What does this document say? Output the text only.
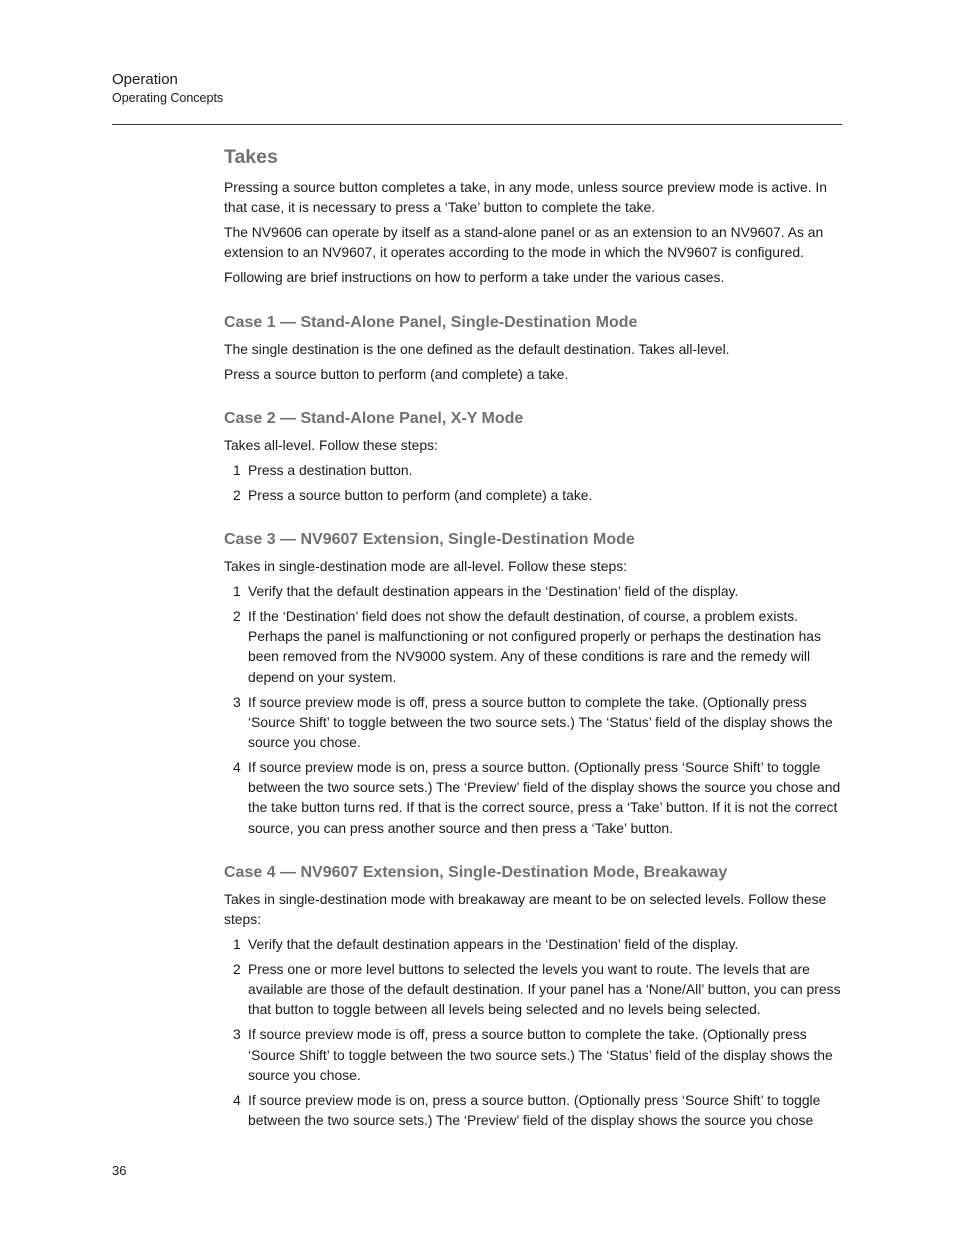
Operation
Operating Concepts
Takes

Pressing a source button completes a take, in any mode, unless source preview mode is active. In that case, it is necessary to press a ‘Take’ button to complete the take.

The NV9606 can operate by itself as a stand-alone panel or as an extension to an NV9607. As an extension to an NV9607, it operates according to the mode in which the NV9607 is configured.

Following are brief instructions on how to perform a take under the various cases.

Case 1 — Stand-Alone Panel, Single-Destination Mode

The single destination is the one defined as the default destination. Takes all-level.

Press a source button to perform (and complete) a take.

Case 2 — Stand-Alone Panel, X-Y Mode

Takes all-level. Follow these steps:

1 Press a destination button.
2 Press a source button to perform (and complete) a take.
Case 3 — NV9607 Extension, Single-Destination Mode

Takes in single-destination mode are all-level. Follow these steps:

1 Verify that the default destination appears in the ‘Destination’ field of the display.
2 If the ‘Destination’ field does not show the default destination, of course, a problem exists. Perhaps the panel is malfunctioning or not configured properly or perhaps the destination has been removed from the NV9000 system. Any of these conditions is rare and the remedy will depend on your system.
3 If source preview mode is off, press a source button to complete the take. (Optionally press ‘Source Shift’ to toggle between the two source sets.) The ‘Status’ field of the display shows the source you chose.
4 If source preview mode is on, press a source button. (Optionally press ‘Source Shift’ to toggle between the two source sets.) The ‘Preview’ field of the display shows the source you chose and the take button turns red. If that is the correct source, press a ‘Take’ button. If it is not the correct source, you can press another source and then press a ‘Take’ button.
Case 4 — NV9607 Extension, Single-Destination Mode, Breakaway

Takes in single-destination mode with breakaway are meant to be on selected levels. Follow these steps:

1 Verify that the default destination appears in the ‘Destination’ field of the display.
2 Press one or more level buttons to selected the levels you want to route. The levels that are available are those of the default destination. If your panel has a ‘None/All’ button, you can press that button to toggle between all levels being selected and no levels being selected.
3 If source preview mode is off, press a source button to complete the take. (Optionally press ‘Source Shift’ to toggle between the two source sets.) The ‘Status’ field of the display shows the source you chose.
4 If source preview mode is on, press a source button. (Optionally press ‘Source Shift’ to toggle between the two source sets.) The ‘Preview’ field of the display shows the source you chose
36
